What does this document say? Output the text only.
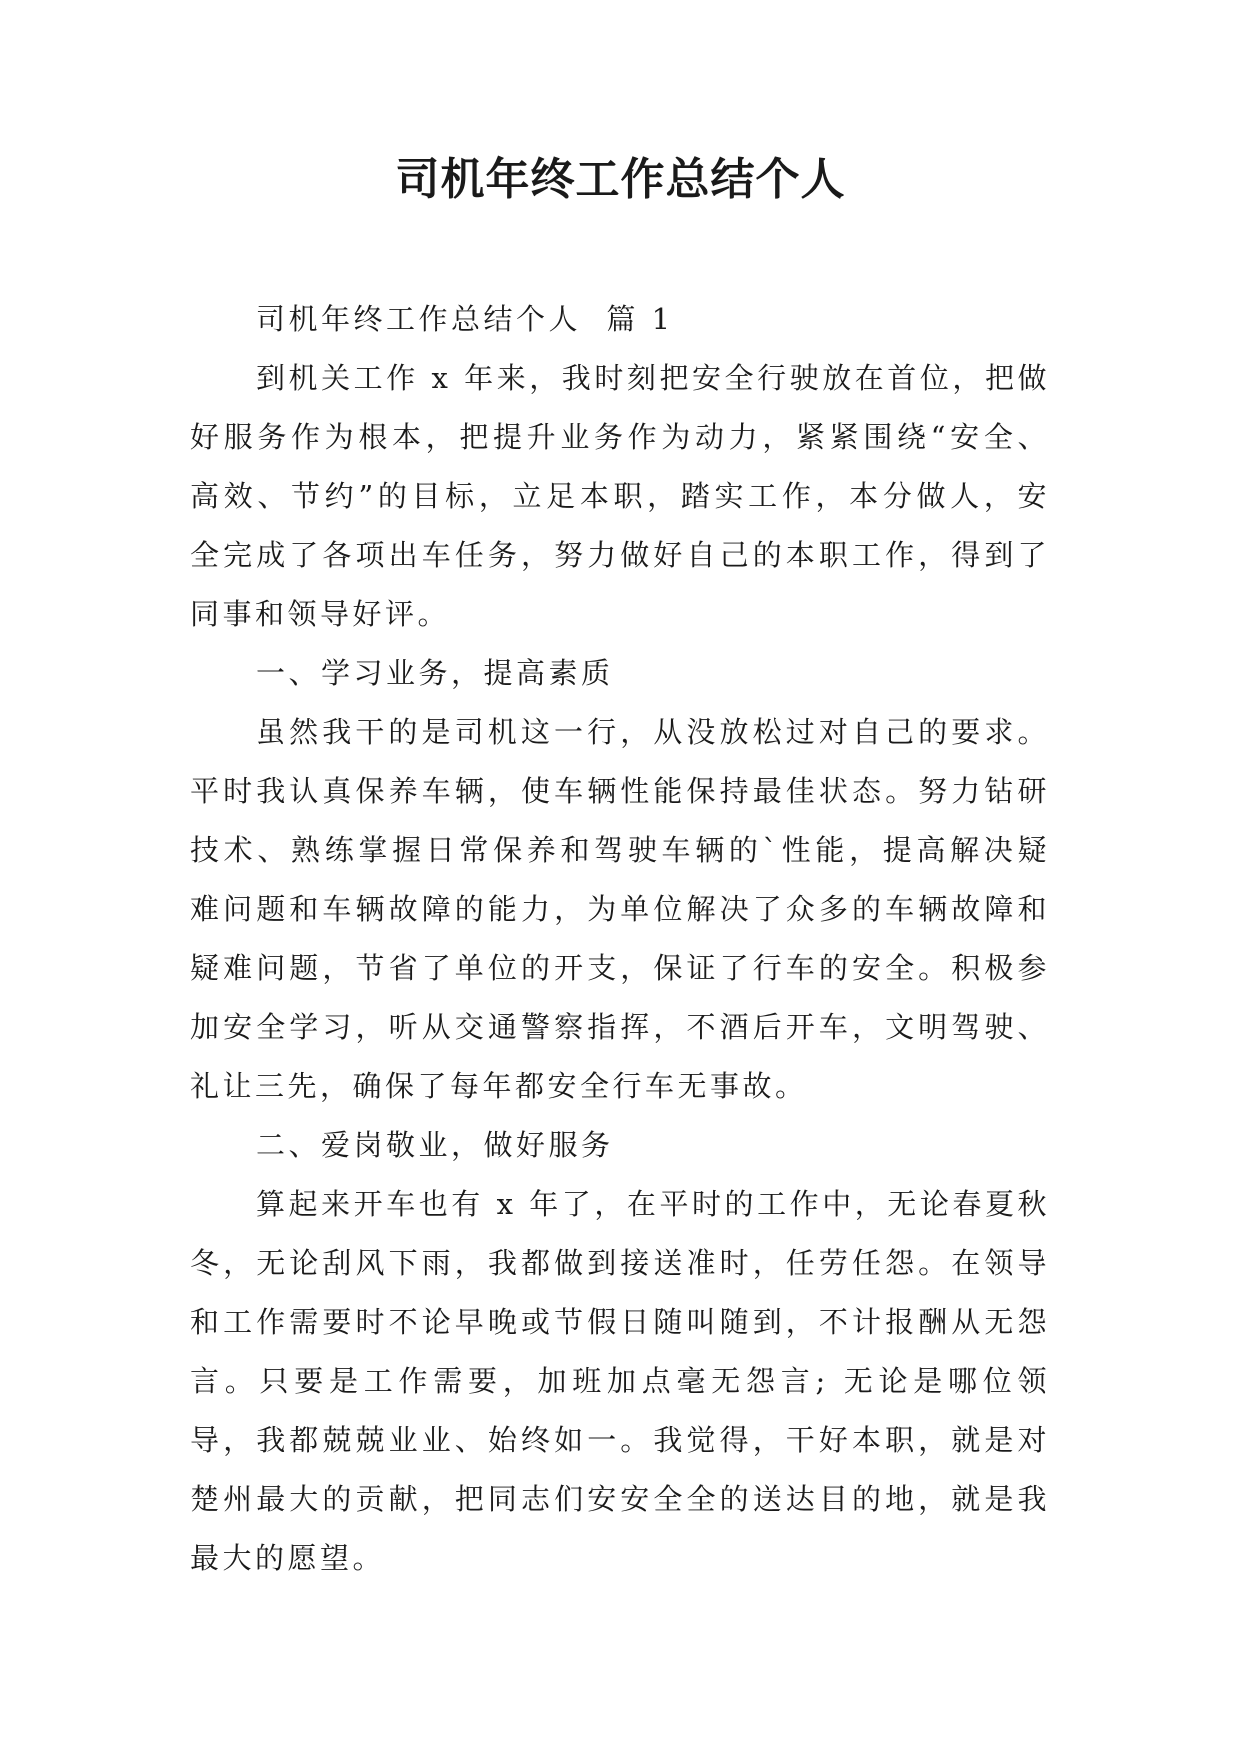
司机年终工作总结个人

司机年终工作总结个人  篇 1

到机关工作 x 年来，我时刻把安全行驶放在首位，把做好服务作为根本，把提升业务作为动力，紧紧围绕“安全、高效、节约”的目标，立足本职，踏实工作，本分做人，安全完成了各项出车任务，努力做好自己的本职工作，得到了同事和领导好评。

一、学习业务，提高素质

虽然我干的是司机这一行，从没放松过对自己的要求。平时我认真保养车辆，使车辆性能保持最佳状态。努力钻研技术、熟练掌握日常保养和驾驶车辆的`性能，提高解决疑难问题和车辆故障的能力，为单位解决了众多的车辆故障和疑难问题，节省了单位的开支，保证了行车的安全。积极参加安全学习，听从交通警察指挥，不酒后开车，文明驾驶、礼让三先，确保了每年都安全行车无事故。

二、爱岗敬业，做好服务

算起来开车也有 x 年了，在平时的工作中，无论春夏秋冬，无论刮风下雨，我都做到接送准时，任劳任怨。在领导和工作需要时不论早晚或节假日随叫随到，不计报酬从无怨言。只要是工作需要，加班加点毫无怨言; 无论是哪位领导，我都兢兢业业、始终如一。我觉得，干好本职，就是对楚州最大的贡献，把同志们安安全全的送达目的地，就是我最大的愿望。
